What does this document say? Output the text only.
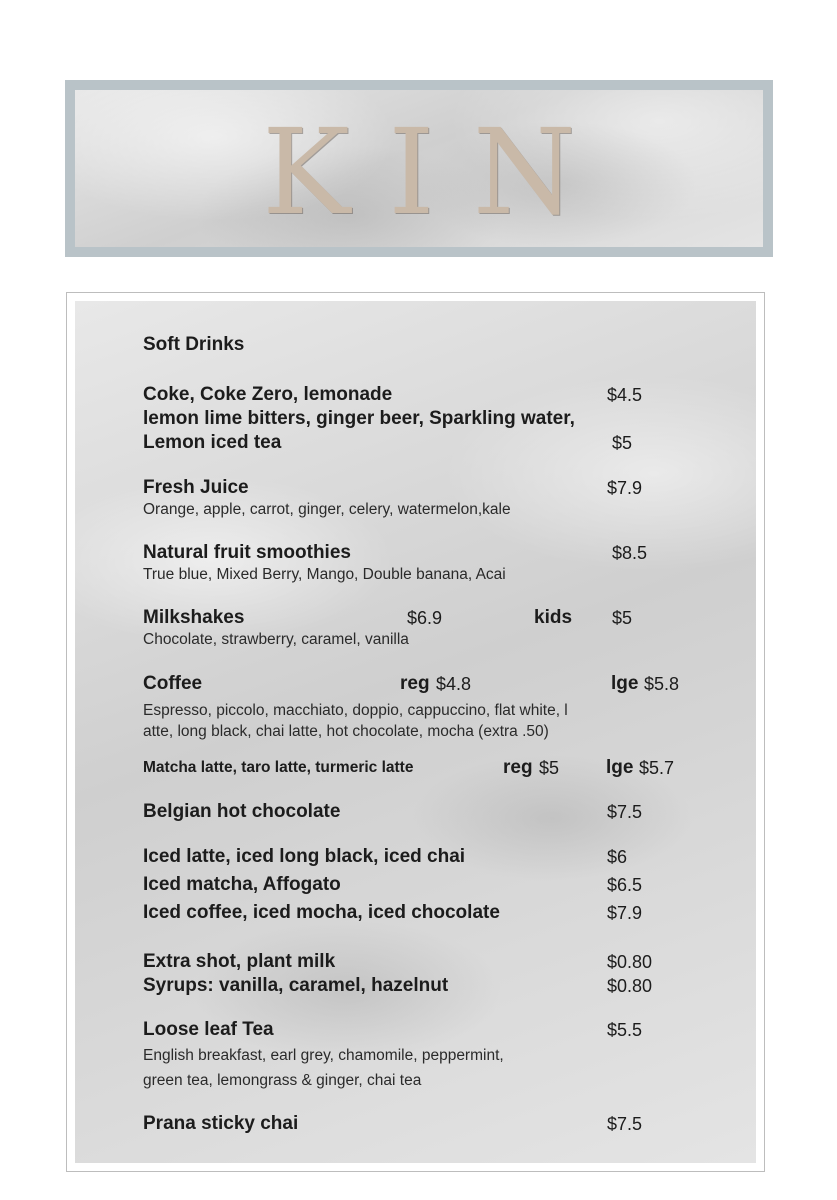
KIN
Soft Drinks
Coke, Coke Zero, lemonade	$4.5
lemon lime bitters, ginger beer, Sparkling water,
Lemon iced tea	$5
Fresh Juice	$7.9
Orange, apple, carrot, ginger, celery, watermelon,kale
Natural fruit smoothies	$8.5
True blue, Mixed Berry, Mango, Double banana, Acai
Milkshakes	$6.9	kids $5
Chocolate, strawberry, caramel, vanilla
Coffee	reg $4.8	lge $5.8
Espresso, piccolo, macchiato, doppio, cappuccino, flat white, l
atte, long black, chai latte, hot chocolate, mocha (extra .50)
Matcha latte, taro latte, turmeric latte	reg $5 lge $5.7
Belgian hot chocolate	$7.5
Iced latte, iced long black, iced chai	$6
Iced matcha, Affogato	$6.5
Iced coffee, iced mocha, iced chocolate	$7.9
Extra shot, plant milk	$0.80
Syrups: vanilla, caramel, hazelnut	$0.80
Loose leaf Tea	$5.5
English breakfast, earl grey, chamomile, peppermint,
green tea, lemongrass & ginger, chai tea
Prana sticky chai	$7.5
